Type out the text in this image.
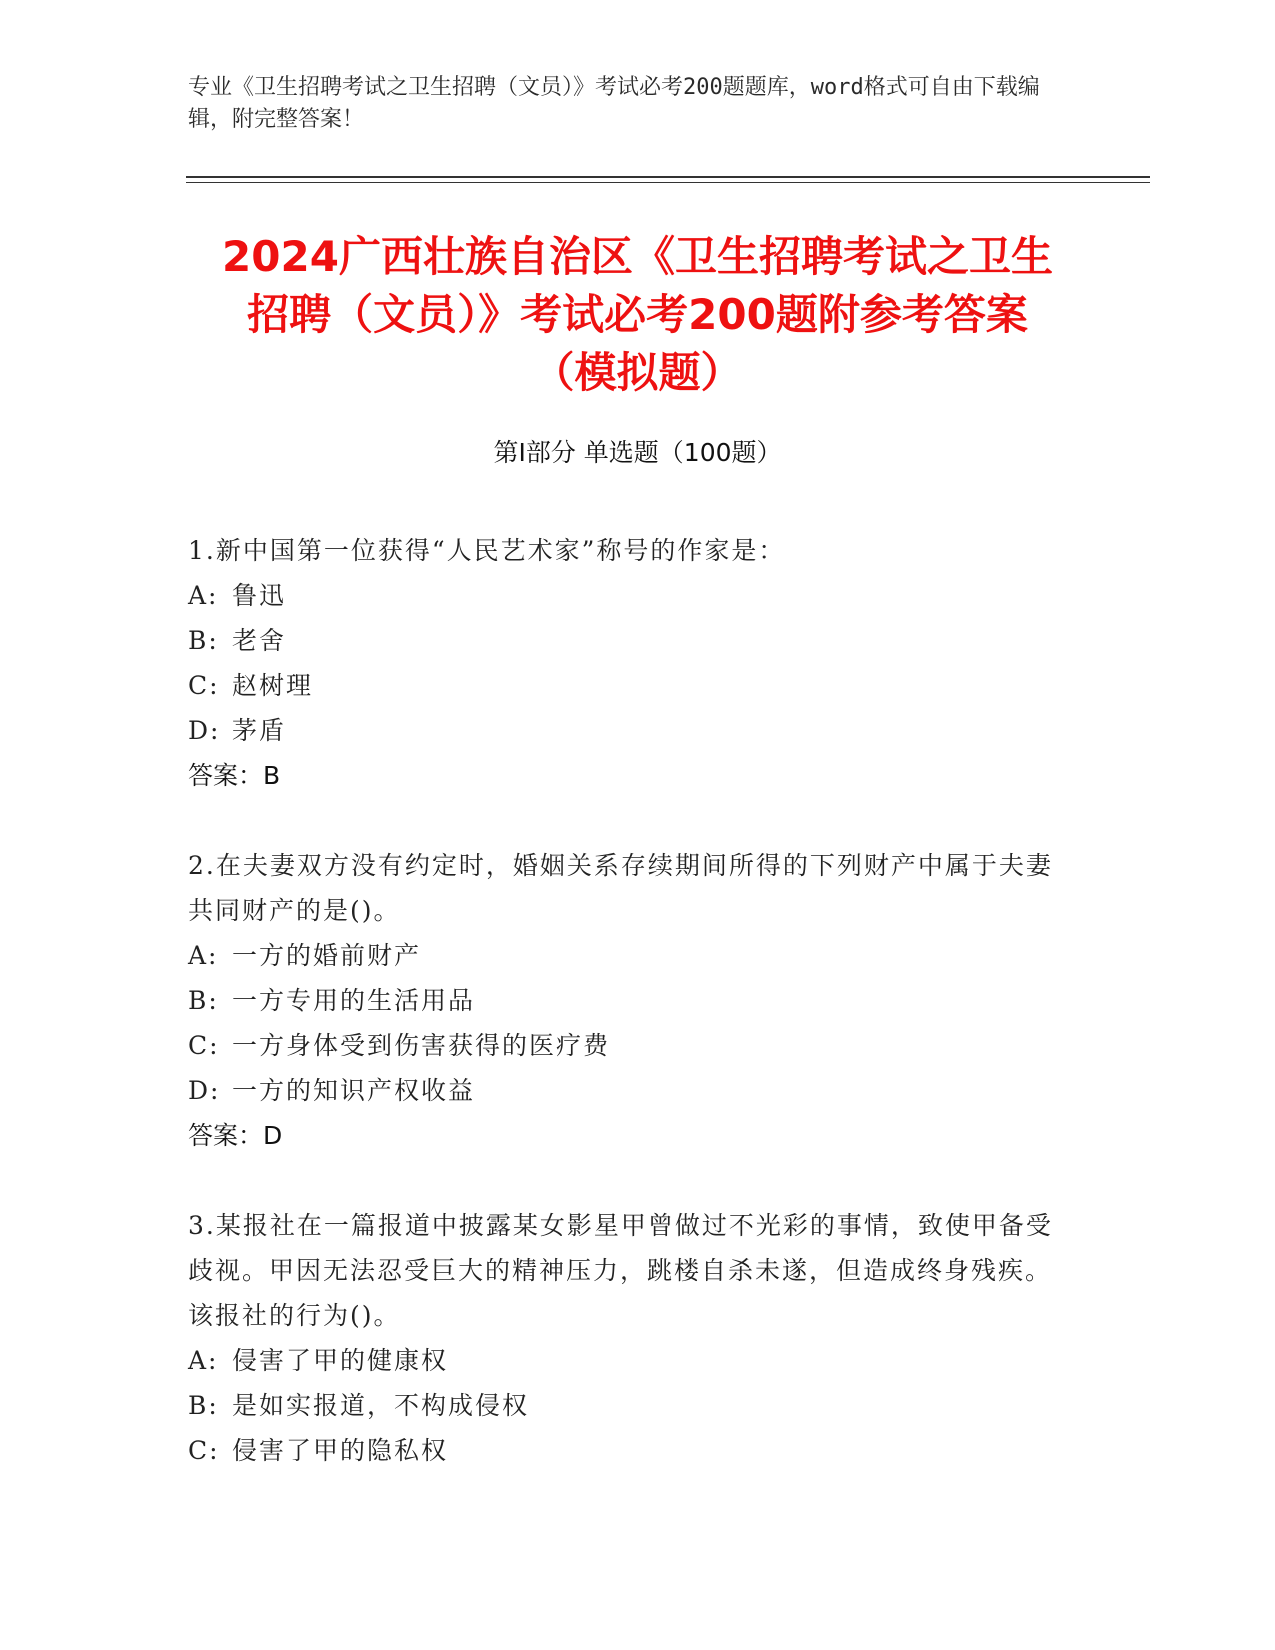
专业《卫生招聘考试之卫生招聘（文员）》考试必考200题题库，word格式可自由下载编辑，附完整答案！
2024广西壮族自治区《卫生招聘考试之卫生
招聘（文员）》考试必考200题附参考答案
（模拟题）
第Ⅰ部分 单选题（100题）
1.新中国第一位获得“人民艺术家”称号的作家是：
A: 鲁迅
B: 老舍
C: 赵树理
D: 茅盾
答案：B
2.在夫妻双方没有约定时，婚姻关系存续期间所得的下列财产中属于夫妻共同财产的是()。
A: 一方的婚前财产
B: 一方专用的生活用品
C: 一方身体受到伤害获得的医疗费
D: 一方的知识产权收益
答案：D
3.某报社在一篇报道中披露某女影星甲曾做过不光彩的事情，致使甲备受歧视。甲因无法忍受巨大的精神压力，跳楼自杀未遂，但造成终身残疾。该报社的行为()。
A: 侵害了甲的健康权
B: 是如实报道，不构成侵权
C: 侵害了甲的隐私权
